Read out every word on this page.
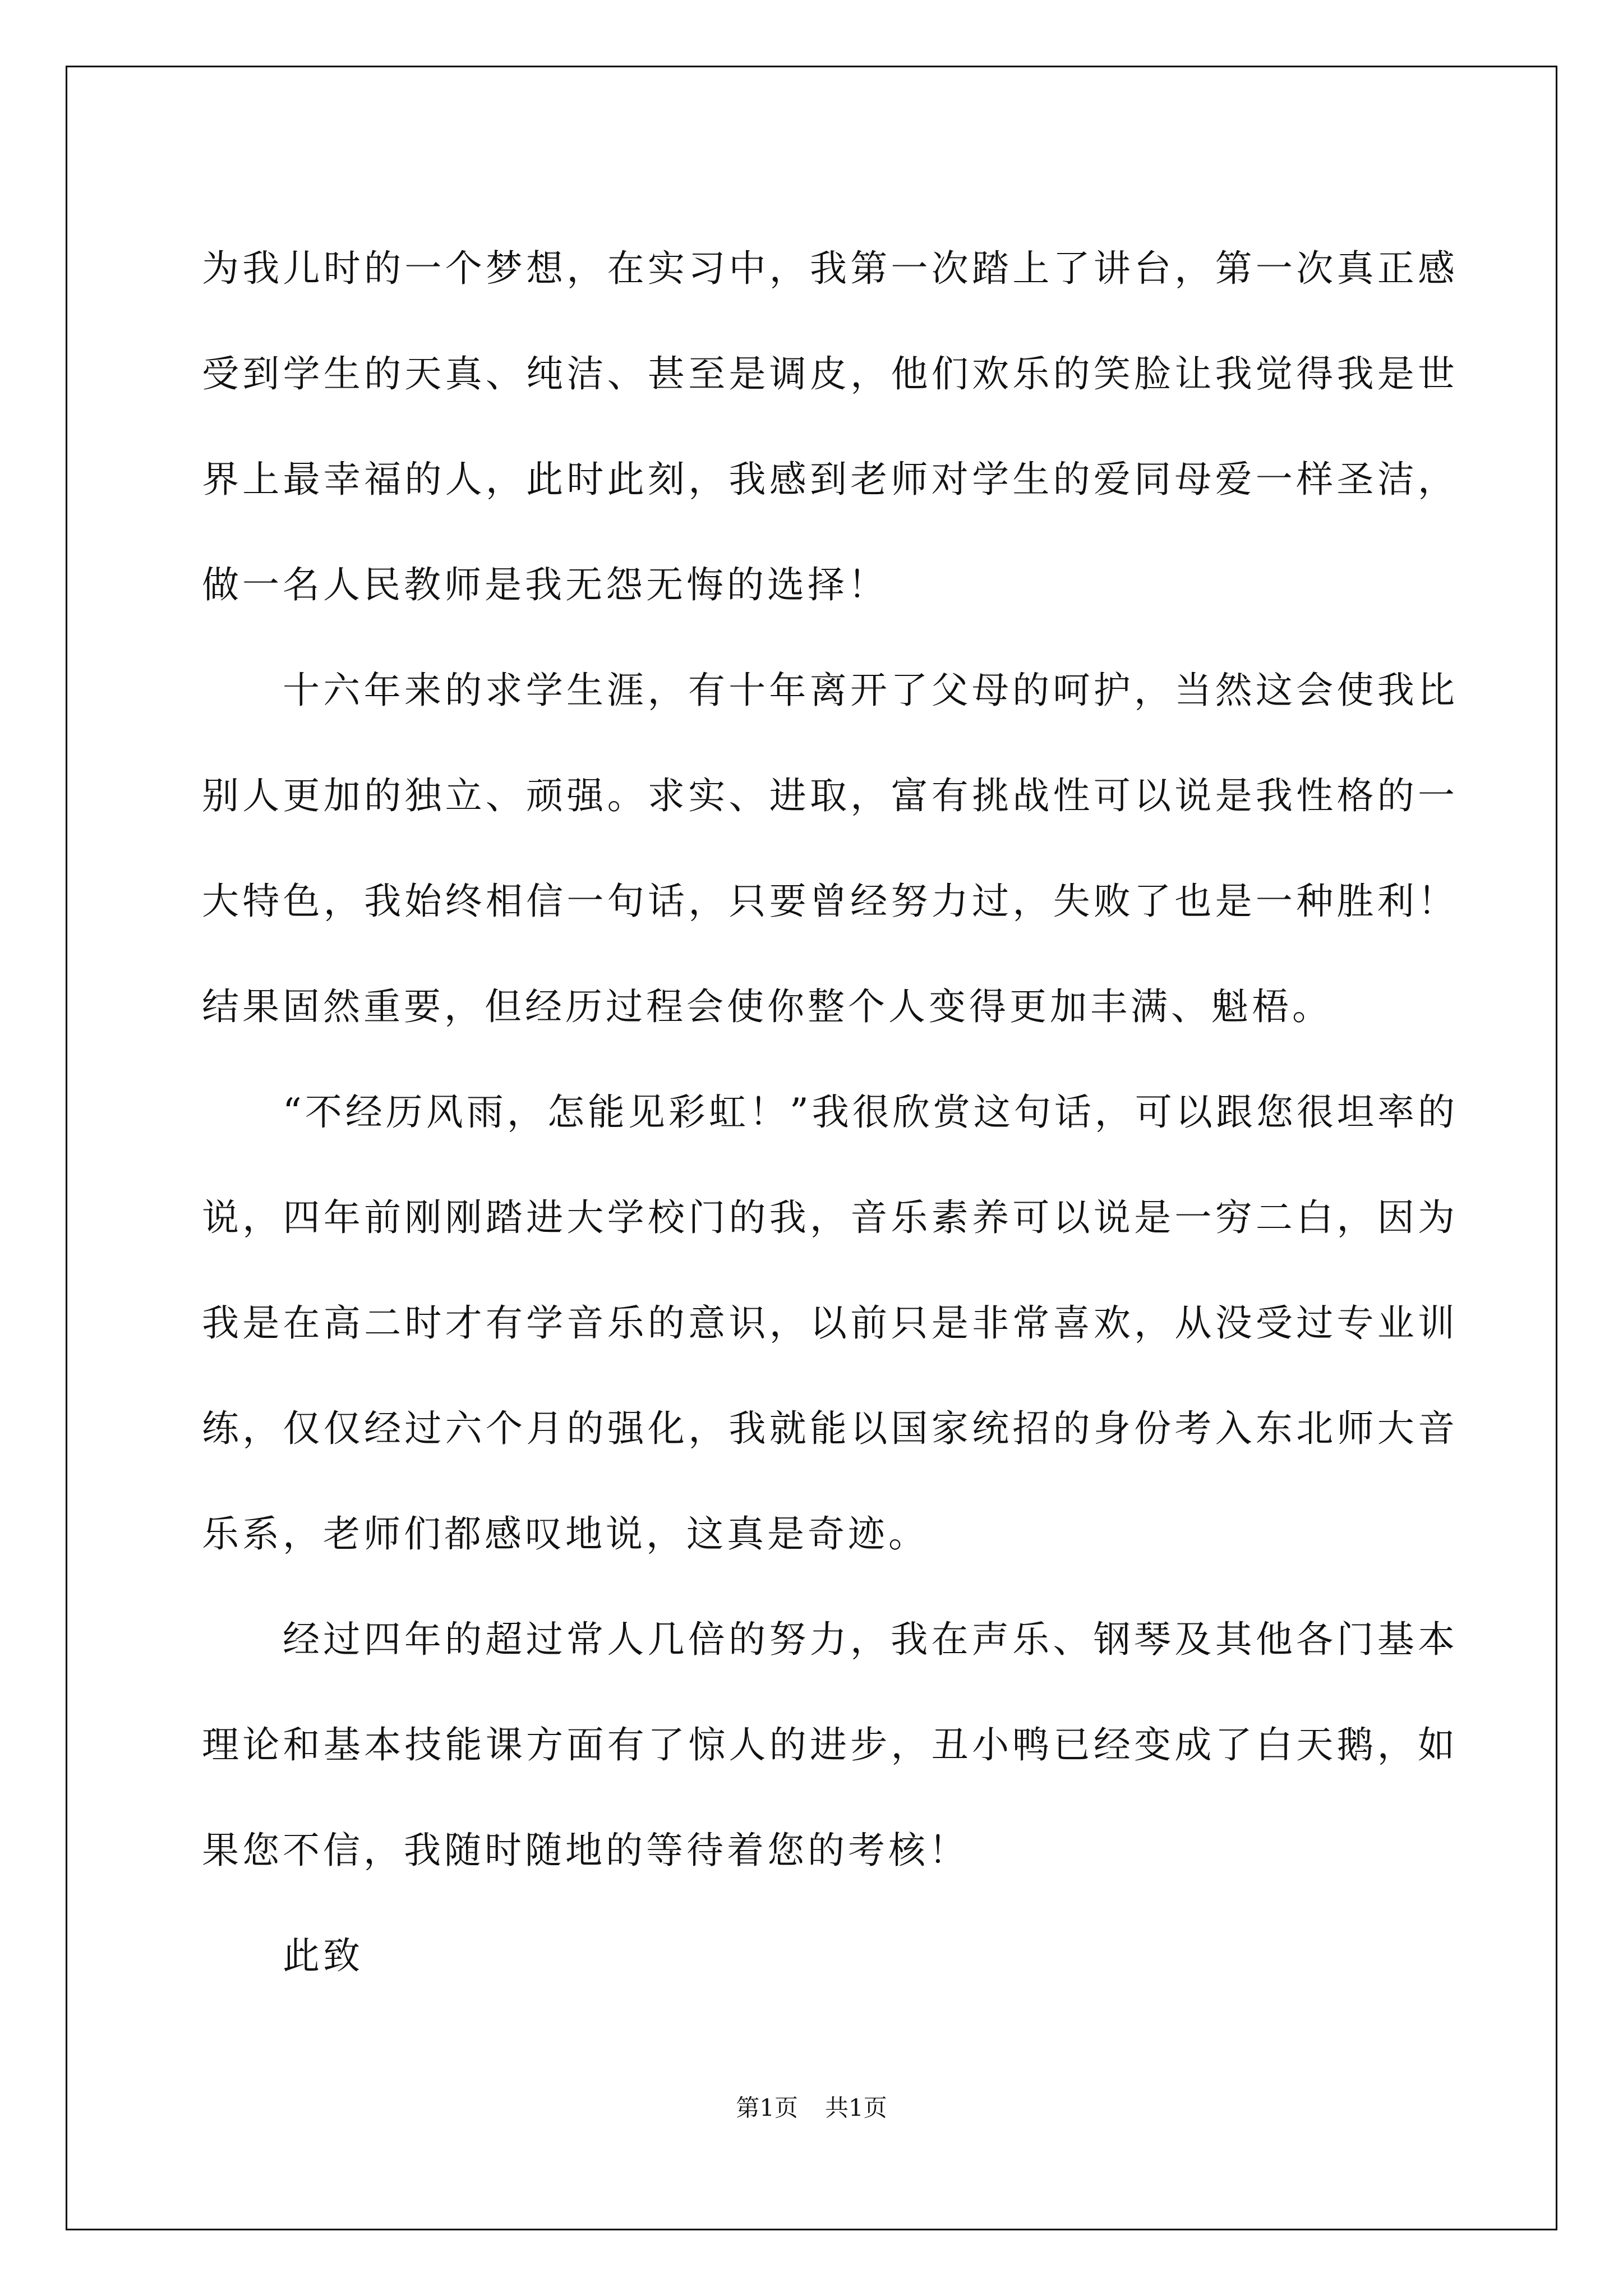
为我儿时的一个梦想，在实习中，我第一次踏上了讲台，第一次真正感受到学生的天真、纯洁、甚至是调皮，他们欢乐的笑脸让我觉得我是世界上最幸福的人，此时此刻，我感到老师对学生的爱同母爱一样圣洁，做一名人民教师是我无怨无悔的选择！

十六年来的求学生涯，有十年离开了父母的呵护，当然这会使我比别人更加的独立、顽强。求实、进取，富有挑战性可以说是我性格的一大特色，我始终相信一句话，只要曾经努力过，失败了也是一种胜利！结果固然重要，但经历过程会使你整个人变得更加丰满、魁梧。

“不经历风雨，怎能见彩虹！”我很欣赏这句话，可以跟您很坦率的说，四年前刚刚踏进大学校门的我，音乐素养可以说是一穷二白，因为我是在高二时才有学音乐的意识，以前只是非常喜欢，从没受过专业训练，仅仅经过六个月的强化，我就能以国家统招的身份考入东北师大音乐系，老师们都感叹地说，这真是奇迹。

经过四年的超过常人几倍的努力，我在声乐、钢琴及其他各门基本理论和基本技能课方面有了惊人的进步，丑小鸭已经变成了白天鹅，如果您不信，我随时随地的等待着您的考核！

此致

第1页 共1页
